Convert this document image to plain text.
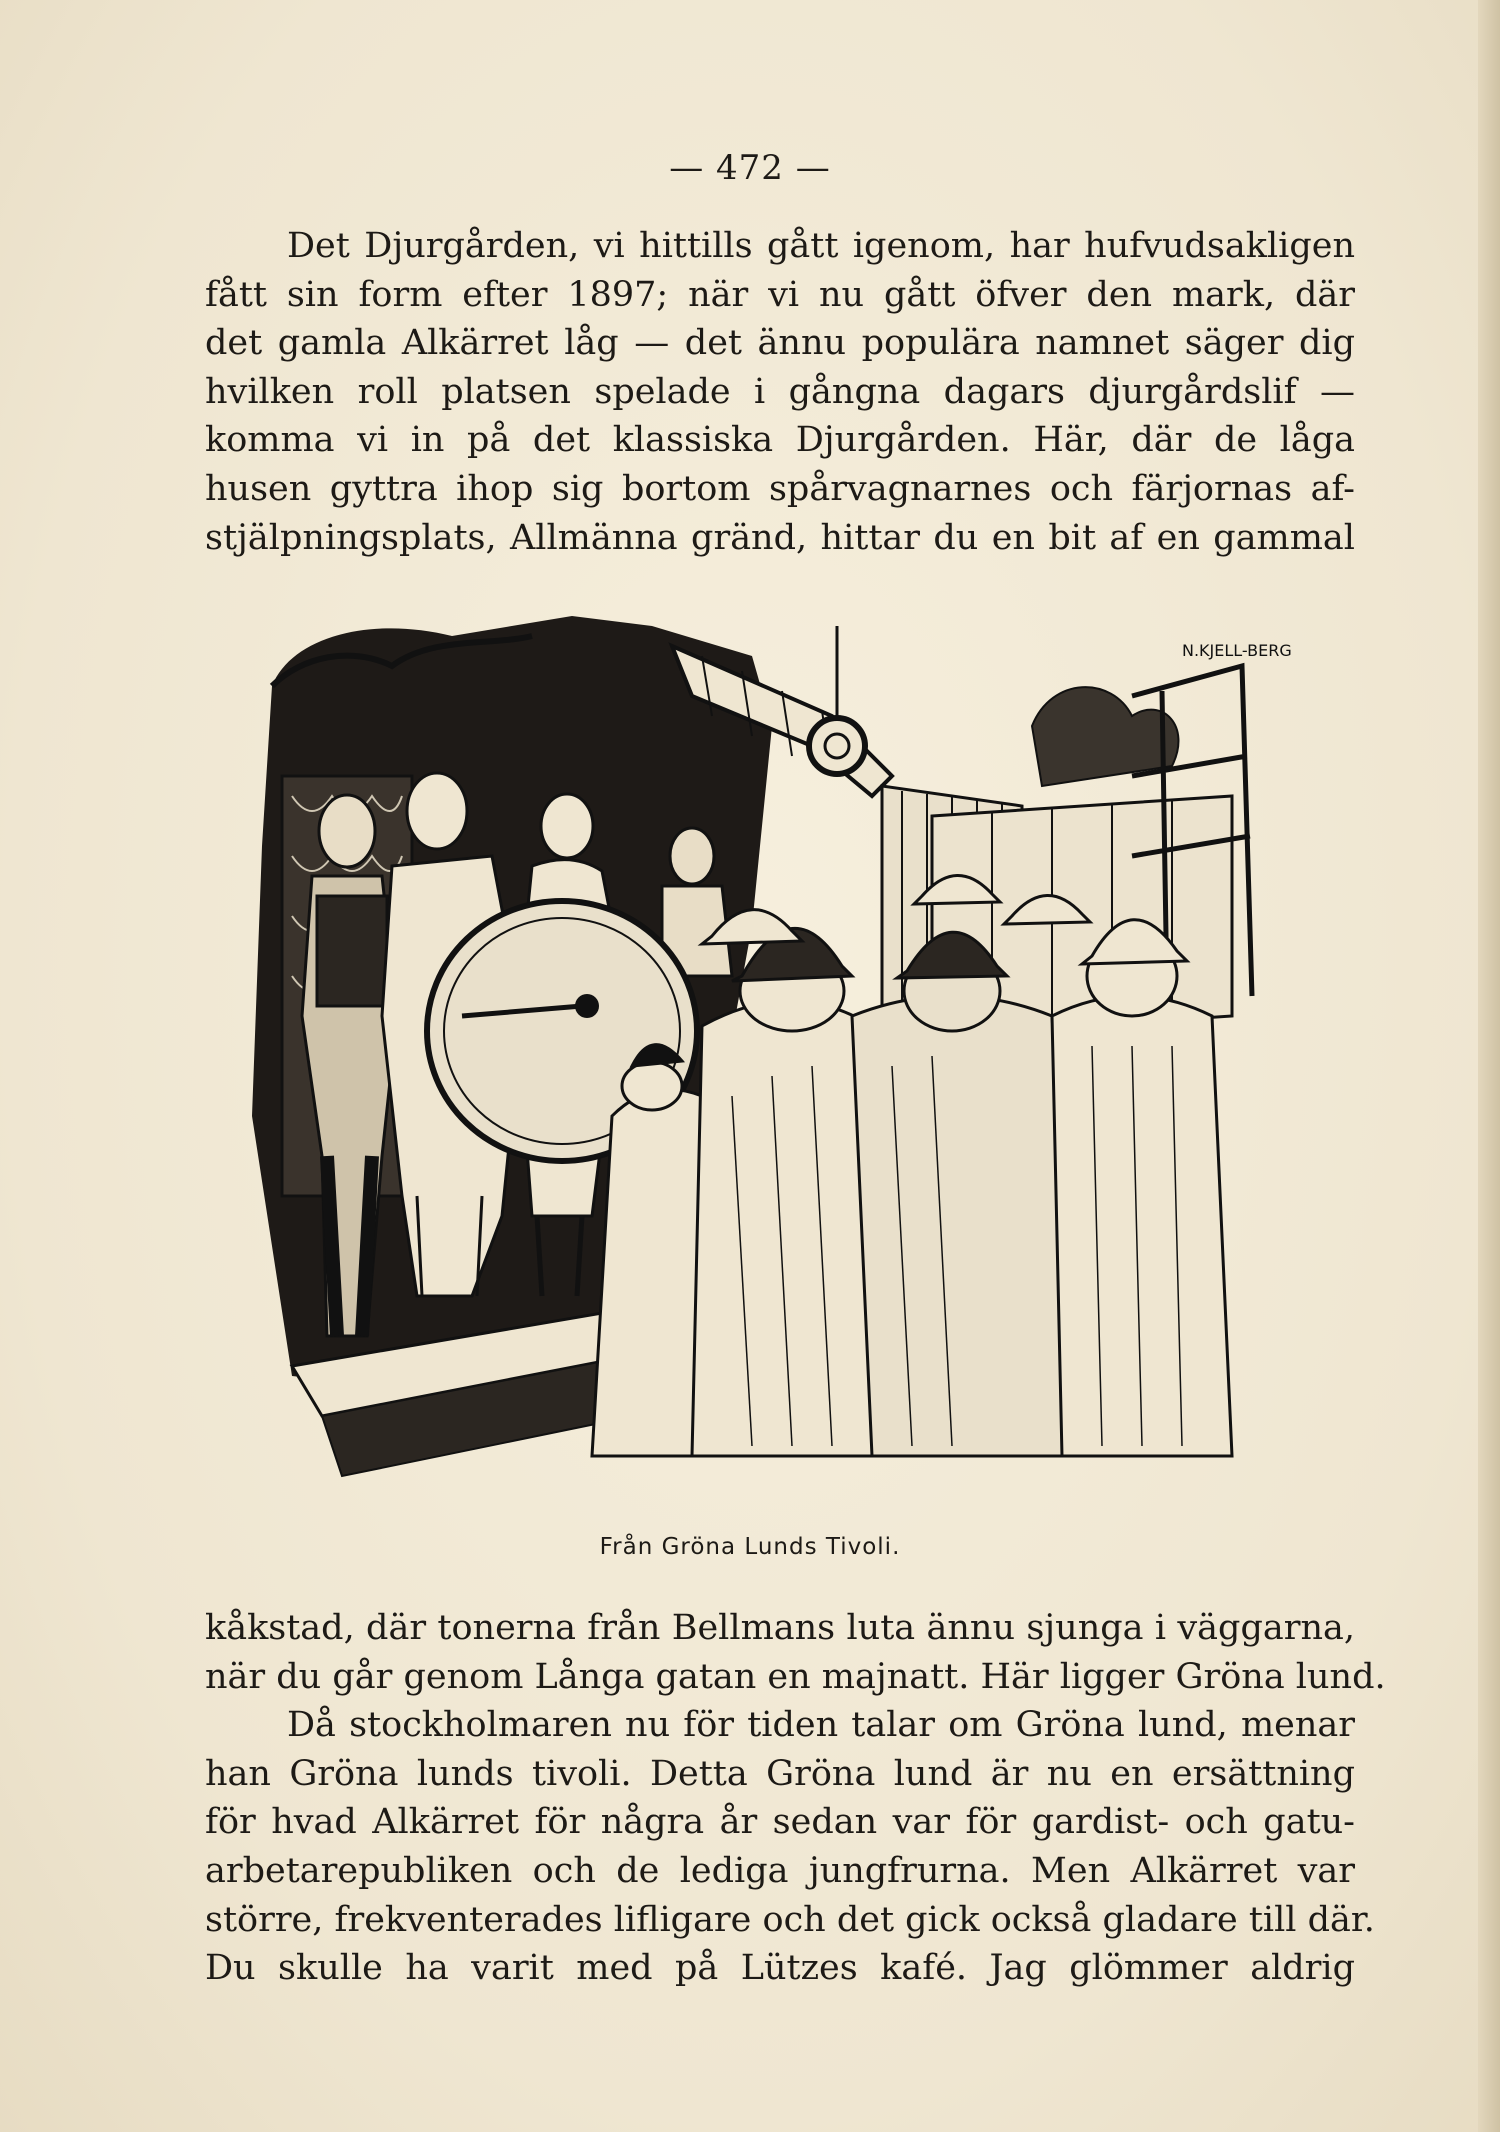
— 472 —
Det Djurgården, vi hittills gått igenom, har hufvudsakligen
fått sin form efter 1897; när vi nu gått öfver den mark, där
det gamla Alkärret låg — det ännu populära namnet säger dig
hvilken roll platsen spelade i gångna dagars djurgårdslif —
komma vi in på det klassiska Djurgården. Här, där de låga
husen gyttra ihop sig bortom spårvagnarnes och färjornas af-
stjälpningsplats, Allmänna gränd, hittar du en bit af en gammal
N.KJELL-BERG
Från Gröna Lunds Tivoli.
kåkstad, där tonerna från Bellmans luta ännu sjunga i väggarna,
när du går genom Långa gatan en majnatt. Här ligger Gröna lund.
Då stockholmaren nu för tiden talar om Gröna lund, menar
han Gröna lunds tivoli. Detta Gröna lund är nu en ersättning
för hvad Alkärret för några år sedan var för gardist- och gatu-
arbetarepubliken och de lediga jungfrurna. Men Alkärret var
större, frekventerades lifligare och det gick också gladare till där.
Du skulle ha varit med på Lützes kafé. Jag glömmer aldrig
